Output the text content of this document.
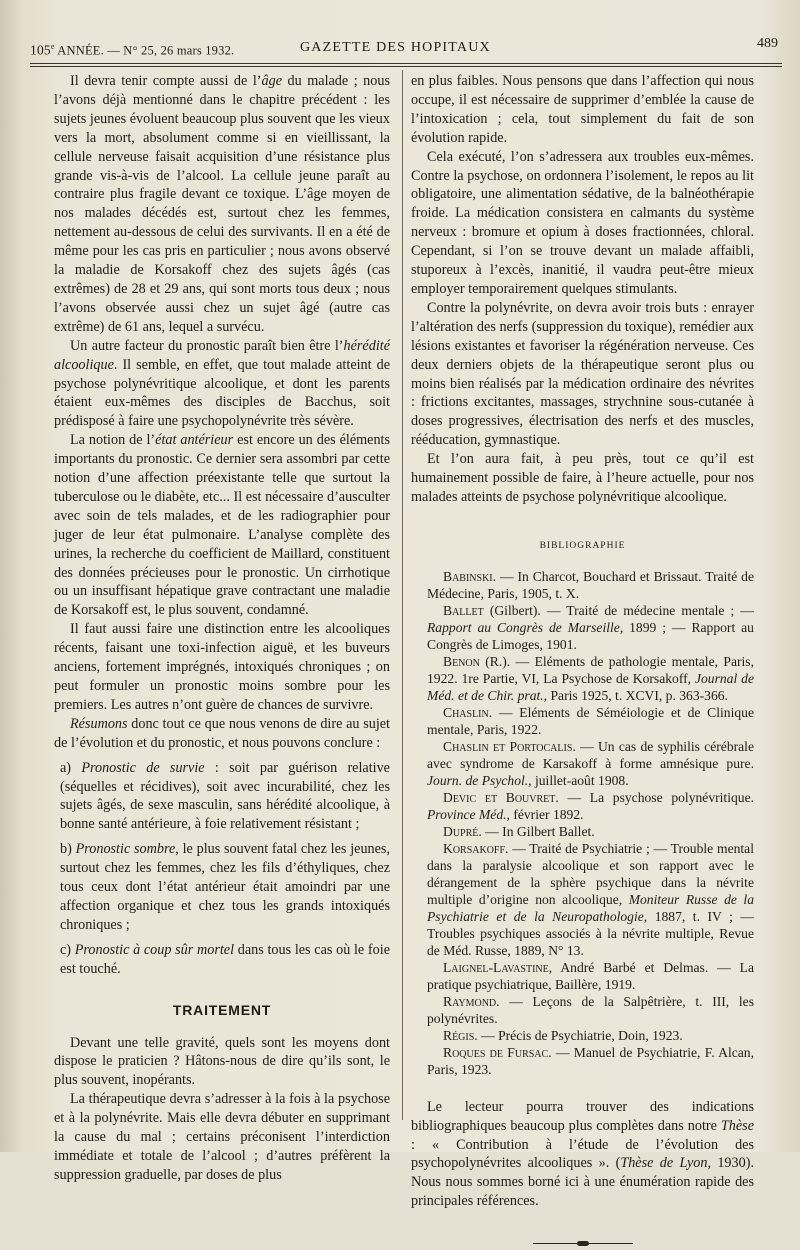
105e ANNÉE. — N° 25, 26 mars 1932.	GAZETTE DES HOPITAUX	489

Il devra tenir compte aussi de l’âge du malade ; nous l’avons déjà mentionné dans le chapitre précédent : les sujets jeunes évoluent beaucoup plus souvent que les vieux vers la mort, absolument comme si en vieillissant, la cellule nerveuse faisait acquisition d’une résistance plus grande vis-à-vis de l’alcool. La cellule jeune paraît au contraire plus fragile devant ce toxique. L’âge moyen de nos malades décédés est, surtout chez les femmes, nettement au-dessous de celui des survivants. Il en a été de même pour les cas pris en particulier ; nous avons observé la maladie de Korsakoff chez des sujets âgés (cas extrêmes) de 28 et 29 ans, qui sont morts tous deux ; nous l’avons observée aussi chez un sujet âgé (autre cas extrême) de 61 ans, lequel a survécu.

Un autre facteur du pronostic paraît bien être l’hérédité alcoolique. Il semble, en effet, que tout malade atteint de psychose polynévritique alcoolique, et dont les parents étaient eux-mêmes des disciples de Bacchus, soit prédisposé à faire une psychopolynévrite très sévère.

La notion de l’état antérieur est encore un des éléments importants du pronostic. Ce dernier sera assombri par cette notion d’une affection préexistante telle que surtout la tuberculose ou le diabète, etc... Il est nécessaire d’ausculter avec soin de tels malades, et de les radiographier pour juger de leur état pulmonaire. L’analyse complète des urines, la recherche du coefficient de Maillard, constituent des données précieuses pour le pronostic. Un cirrhotique ou un insuffisant hépatique grave contractant une maladie de Korsakoff est, le plus souvent, condamné.

Il faut aussi faire une distinction entre les alcooliques récents, faisant une toxi-infection aiguë, et les buveurs anciens, fortement imprégnés, intoxiqués chroniques ; on peut formuler un pronostic moins sombre pour les premiers. Les autres n’ont guère de chances de survivre.

Résumons donc tout ce que nous venons de dire au sujet de l’évolution et du pronostic, et nous pouvons conclure :

a) Pronostic de survie : soit par guérison relative (séquelles et récidives), soit avec incurabilité, chez les sujets âgés, de sexe masculin, sans hérédité alcoolique, à bonne santé antérieure, à foie relativement résistant ;

b) Pronostic sombre, le plus souvent fatal chez les jeunes, surtout chez les femmes, chez les fils d’éthyliques, chez tous ceux dont l’état antérieur était amoindri par une affection organique et chez tous les grands intoxiqués chroniques ;

c) Pronostic à coup sûr mortel dans tous les cas où le foie est touché.

TRAITEMENT

Devant une telle gravité, quels sont les moyens dont dispose le praticien ? Hâtons-nous de dire qu’ils sont, le plus souvent, inopérants.

La thérapeutique devra s’adresser à la fois à la psychose et à la polynévrite. Mais elle devra débuter en supprimant la cause du mal ; certains préconisent l’interdiction immédiate et totale de l’alcool ; d’autres préfèrent la suppression graduelle, par doses de plus

en plus faibles. Nous pensons que dans l’affection qui nous occupe, il est nécessaire de supprimer d’emblée la cause de l’intoxication ; cela, tout simplement du fait de son évolution rapide.

Cela exécuté, l’on s’adressera aux troubles eux-mêmes. Contre la psychose, on ordonnera l’isolement, le repos au lit obligatoire, une alimentation sédative, de la balnéothérapie froide. La médication consistera en calmants du système nerveux : bromure et opium à doses fractionnées, chloral. Cependant, si l’on se trouve devant un malade affaibli, stuporeux à l’excès, inanitié, il vaudra peut-être mieux employer temporairement quelques stimulants.

Contre la polynévrite, on devra avoir trois buts : enrayer l’altération des nerfs (suppression du toxique), remédier aux lésions existantes et favoriser la régénération nerveuse. Ces deux derniers objets de la thérapeutique seront plus ou moins bien réalisés par la médication ordinaire des névrites : frictions excitantes, massages, strychnine sous-cutanée à doses progressives, électrisation des nerfs et des muscles, rééducation, gymnastique.

Et l’on aura fait, à peu près, tout ce qu’il est humainement possible de faire, à l’heure actuelle, pour nos malades atteints de psychose polynévritique alcoolique.

BIBLIOGRAPHIE

Babinski. — In Charcot, Bouchard et Brissaut. Traité de Médecine, Paris, 1905, t. X.

Ballet (Gilbert). — Traité de médecine mentale ; — Rapport au Congrès de Marseille, 1899 ; — Rapport au Congrès de Limoges, 1901.

Benon (R.). — Eléments de pathologie mentale, Paris, 1922. 1re Partie, VI, La Psychose de Korsakoff, Journal de Méd. et de Chir. prat., Paris 1925, t. XCVI, p. 363-366.

Chaslin. — Eléments de Séméiologie et de Clinique mentale, Paris, 1922.

Chaslin et Portocalis. — Un cas de syphilis cérébrale avec syndrome de Karsakoff à forme amnésique pure. Journ. de Psychol., juillet-août 1908.

Devic et Bouvret. — La psychose polynévritique. Province Méd., février 1892.

Dupré. — In Gilbert Ballet.

Korsakoff. — Traité de Psychiatrie ; — Trouble mental dans la paralysie alcoolique et son rapport avec le dérangement de la sphère psychique dans la névrite multiple d’origine non alcoolique, Moniteur Russe de la Psychiatrie et de la Neuropathologie, 1887, t. IV ; — Troubles psychiques associés à la névrite multiple, Revue de Méd. Russe, 1889, N° 13.

Laignel-Lavastine, André Barbé et Delmas. — La pratique psychiatrique, Baillère, 1919.

Raymond. — Leçons de la Salpêtrière, t. III, les polynévrites.

Régis. — Précis de Psychiatrie, Doin, 1923.

Roques de Fursac. — Manuel de Psychiatrie, F. Alcan, Paris, 1923.

Le lecteur pourra trouver des indications bibliographiques beaucoup plus complètes dans notre Thèse : « Contribution à l’étude de l’évolution des psychopolynévrites alcooliques ». (Thèse de Lyon, 1930). Nous nous sommes borné ici à une énumération rapide des principales références.
